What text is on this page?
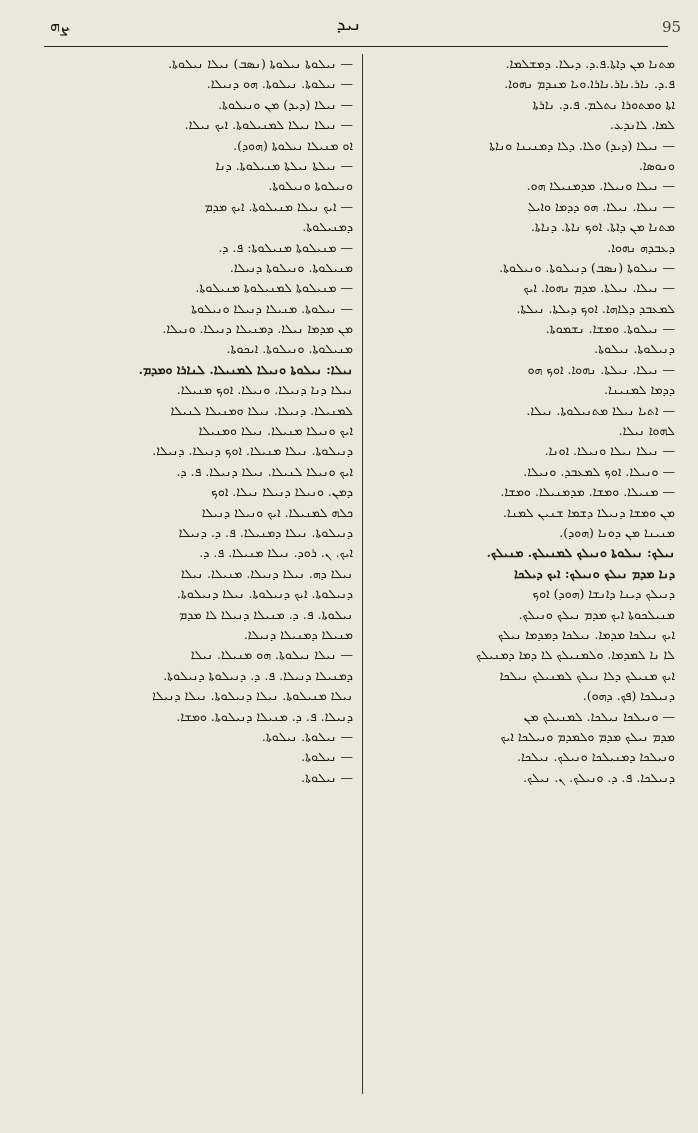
95
ܢܝܕ
ܨܗ
— ܢܝܠܘܬܐ ܢܝܠܘܬܐ (ܢܣܒ) ܢܝܠܐ ܢܝܠܘܬܐ.
— ܢܝܠܘܬܐ. ܢܝܠܘܬܐ. ܗܘ ܕܢܝܠܐ.
— ܢܝܠܐ (ܕܝܕ) ܡܢ ܘܢܝܠܘܬܐ.
— ܢܝܠܐ ܢܝܠܐ ܠܡܢܝܠܘܬܐ. ܐܝܟ ܢܝܠܐ.
ܐܘ ܡܢܝܠܐ ܢܝܠܘܬܐ (ܗܘܕ).
— ܢܝܠܬܐ ܢܝܠܬܐ ܡܢܝܠܘܬܐ. ܕܢܐ
ܘܢܝܠܘܬܐ ܘܢܝܠܘܬܐ.
— ܐܝܟ ܢܝܠܐ ܡܢܝܠܘܬܐ. ܐܝܟ ܡܕܡ
ܕܡܢܝܠܘܬܐ.
— ܡܢܝܠܘܬܐ ܡܢܝܠܘܬܐ: ܦ. ܕ.
ܡܢܝܠܘܬܐ. ܘܢܝܠܘܬܐ ܕܢܝܠܐ.
— ܡܢܝܠܘܬܐ ܠܡܢܝܠܘܬܐ ܡܢܝܠܘܬܐ.
— ܢܝܠܘܬܐ. ܡܢܝܠܐ ܕܢܝܠܐ ܘܢܝܠܘܬܐ
ܡܢ ܡܕܡܐ ܢܝܠܐ. ܕܡܢܝܠܐ ܕܢܝܠܐ. ܘܢܝܠܐ.
ܡܢܝܠܘܬܐ. ܘܢܝܠܘܬܐ. ܐܝܟܘܬܐ.
ܢܝܠܐ: ܢܝܠܘܬܐ ܘܢܝܠܐ ܠܡܢܝܠܐ. ܠܢܐܪܐ ܘܡܕܡ.
ܢܝܠܐ ܕܢܐ ܕܢܝܠܐ. ܘܢܝܠܐ. ܐܘܟ ܡܢܝܠܐ.
ܠܡܢܝܠܐ. ܕܢܝܠܐ. ܢܝܠܐ ܘܡܢܝܠܐ ܠܢܝܠܐ
ܐܝܟ ܘܢܝܠܐ ܡܢܝܠܐ. ܢܝܠܐ ܘܡܢܝܠܐ
ܕܢܝܠܘܬܐ. ܢܝܠܐ ܡܢܝܠܐ. ܐܘܟ ܕܢܝܠܐ. ܕܢܝܠܐ.
ܐܝܟ ܘܢܝܠܐ ܠܢܝܠܐ. ܢܝܠܐ ܕܢܝܠܐ. ܦ. ܕ.
ܕܡܢ. ܘܢܝܠܐ ܕܢܝܠܐ ܢܝܠܐ. ܐܘܟ
ܟܠܗ ܠܡܢܝܠܐ. ܐܝܟ ܘܢܝܠܐ ܕܢܝܠܐ
ܕܢܝܠܘܬܐ. ܢܝܠܐ ܕܡܢܝܠܐ. ܦ. ܕ. ܕܢܝܠܐ
ܐܝܟ. ܢ. ܪܘܕ. ܢܝܠܐ ܡܢܝܠܐ. ܦ. ܕ.
ܢܝܠܐ ܕܗ. ܢܝܠܐ ܕܢܝܠܐ. ܡܢܝܠܐ. ܢܝܠܐ
ܕܢܝܠܘܬܐ. ܐܝܟ ܕܢܝܠܘܬܐ. ܢܝܠܐ ܕܢܝܠܘܬܐ.
ܢܝܠܘܬܐ. ܦ. ܕ. ܡܢܝܠܐ ܕܢܝܠܐ ܠܐ ܡܕܡ
ܡܢܝܠܐ ܕܡܢܝܠܐ ܕܢܝܠܐ.
— ܢܝܠܐ ܢܝܠܘܬܐ. ܗܘ ܡܢܝܠܐ. ܢܝܠܐ
ܕܡܢܝܠܐ ܕܢܝܠܐ. ܦ. ܕ. ܕܢܝܠܘܬܐ ܕܢܝܠܘܬܐ.
ܢܝܠܐ ܡܢܝܠܘܬܐ. ܢܝܠܐ ܕܢܝܠܘܬܐ. ܢܝܠܐ ܕܢܝܠܐ
ܕܢܝܠܐ. ܦ. ܕ. ܡܢܝܠܐ ܕܢܝܠܘܬܐ. ܘܡܫܐ.
— ܢܝܠܘܬܐ. ܢܝܠܘܬܐ.
— ܢܝܠܘܬܐ.
— ܢܝܠܘܬܐ.
ܡܬܢܐ ܡܢ ܕܐܬܐ.ܦ.ܕ. ܕܝܠܐ. ܕܡܫܠܡܐ.
ܦ.ܕ. ܢܐܪ.ܢܐܪ.ܢܐܪܐ.ܘܝܐ ܡܢܕܡ ܢܗܘܐ.
ܐܬܐ ܘܡܬܘܪܐ ܢܬܠܡ. ܦ.ܕ. ܢܐܪܬܐ
ܠܡܐ. ܠܐܢܕܥ.
— ܢܝܠܐ (ܕܝܕ) ܘܠܐ. ܕܠܐ ܕܡܢܝܢܐ ܘܢܐܬܐ
ܘܢܘܣܐ.
— ܢܝܠܐ ܘܢܝܠܐ. ܡܕܡܢܝܠܐ ܗܘ.
— ܢܝܠܐ. ܢܝܠܐ. ܗܘ ܕܕܡܐ ܘܐܝܠ
ܡܬܢܐ ܡܢ ܕܐܬܐ. ܐܘܟ ܢܐܬܐ. ܕܢܐܬܐ.
ܕܥܒܕܗ ܢܗܘܐ.
— ܢܝܠܘܬܐ (ܢܣܒ) ܕܢܝܠܘܬܐ. ܘܢܝܠܘܬܐ.
— ܢܝܠܐ. ܢܝܠܬܐ. ܡܕܡ ܢܗܘܐ. ܐܝܟ
ܠܡܥܒܕ ܕܠܐܗܐ. ܐܘܟ ܕܝܠܬܐ. ܢܝܠܬܐ.
— ܢܝܠܘܬܐ. ܘܡܫܐ. ܢܫܡܘܬܐ.
ܕܢܝܠܘܬܐ. ܢܝܠܘܬܐ.
— ܢܝܠܐ. ܢܝܠܬܐ. ܢܗܘܐ. ܐܘܟ ܗܘ
ܕܕܡܐ ܠܡܢܝܢܐ.
— ܐܬܝܐ ܢܝܠܐ ܡܬܢܝܠܘܬܐ. ܢܝܠܐ.
ܠܗܘܐ ܢܝܠܐ.
— ܢܝܠܐ ܢܝܠܐ ܘܢܝܠܐ. ܐܘܢܐ.
— ܘܢܝܠܐ. ܐܘܟ ܠܡܥܒܕ. ܘܢܝܠܐ.
— ܡܢܝܠܐ. ܘܡܫܐ. ܡܕܡܢܝܠܐ. ܘܡܫܐ.
ܡܢ ܘܡܫܐ ܕܢܝܠܐ ܕܫܡܐ ܫܢܝܢ ܠܡܢܐ.
ܡܢܝܢܐ ܡܢ ܕܘܢܐ (ܗܘܕ).
ܢܝܠܟ: ܢܝܠܘܬܐ ܘܢܝܠܟ ܠܡܢܝܠܟ. ܡܢܝܠܟ.
ܕܢܐ ܡܕܡ ܢܝܠܟ ܘܢܝܠܟ: ܐܝܟ ܕܝܠܟܐ
ܕܢܝܠܟ ܕܝܢܐ ܕܐܢܫܐ (ܗܘܕ) ܐܘܟ
ܡܢܝܠܟܘܬܐ ܐܝܟ ܡܕܡ ܢܝܠܟ ܘܢܝܠܟ.
ܐܝܟ ܢܝܠܟܐ ܡܕܡܐ. ܢܝܠܟܐ ܕܡܕܡܐ ܢܝܠܟ
ܠܐ ܢܐ ܠܡܕܡܐ. ܘܠܡܢܝܠܟ ܠܐ ܕܡܐ ܕܡܢܝܠܟ
ܐܝܟ ܡܢܝܠܟ ܕܠܐ ܢܝܠܟ ܠܡܢܝܠܟ ܢܝܠܟܐ
ܕܢܝܠܟܐ (ܦܟ. ܕܗܘ).
— ܘܢܝܠܟܐ ܢܝܠܟܐ. ܠܡܢܝܠܟ ܡܢ
ܡܕܡ ܢܝܠܟ ܡܕܡ ܘܠܡܕܡ ܘܢܝܠܟܐ ܐܝܟ
ܘܢܝܠܟܐ ܕܡܢܝܠܟܐ ܘܢܝܠܟ. ܢܝܠܟܐ.
ܕܢܝܠܟܐ. ܦ. ܕ. ܘܢܝܠܟ. ܢ. ܢܝܠܟ.
